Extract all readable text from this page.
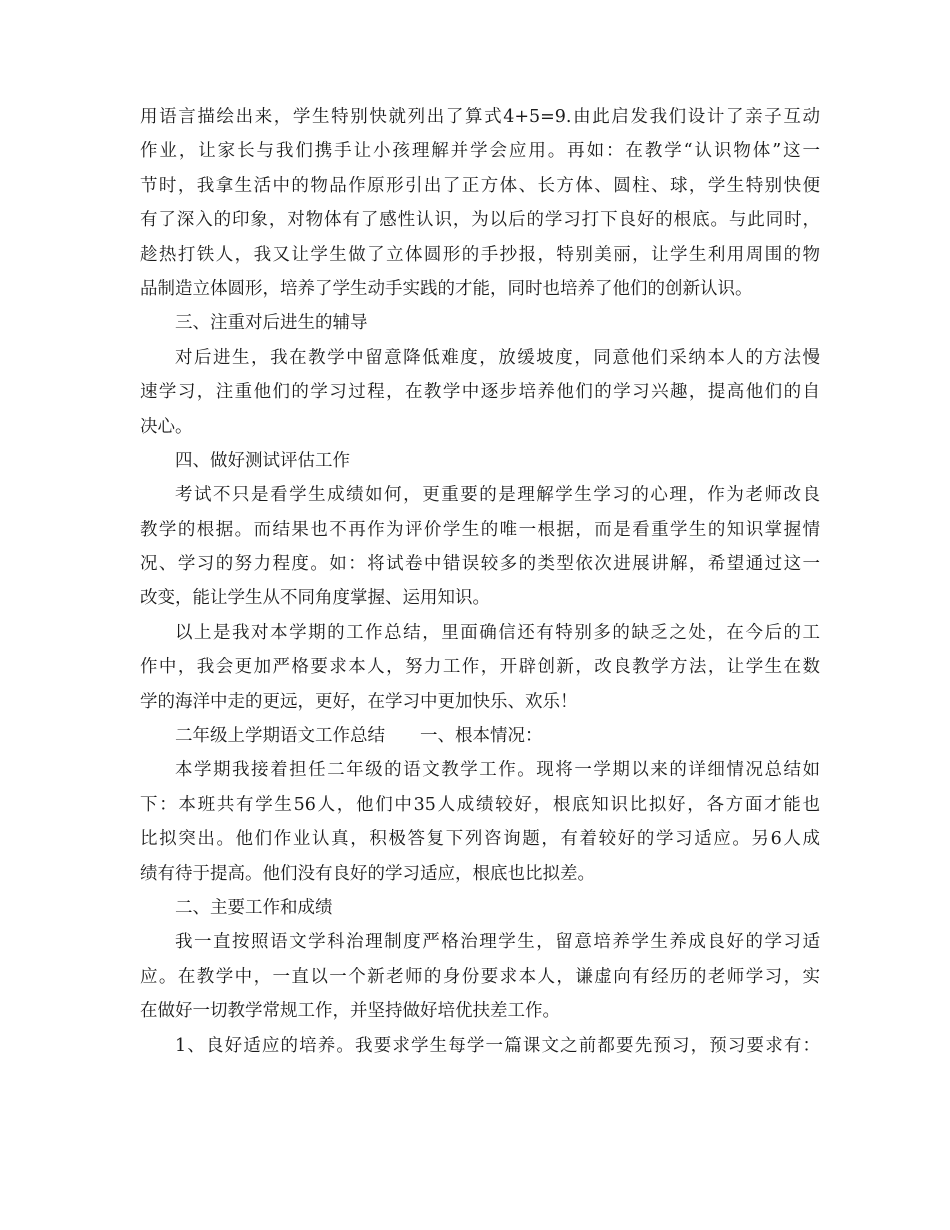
用语言描绘出来，学生特别快就列出了算式4+5=9.由此启发我们设计了亲子互动
作业，让家长与我们携手让小孩理解并学会应用。再如：在教学“认识物体”这一
节时，我拿生活中的物品作原形引出了正方体、长方体、圆柱、球，学生特别快便
有了深入的印象，对物体有了感性认识，为以后的学习打下良好的根底。与此同时，
趁热打铁人，我又让学生做了立体圆形的手抄报，特别美丽，让学生利用周围的物
品制造立体圆形，培养了学生动手实践的才能，同时也培养了他们的创新认识。
三、注重对后进生的辅导
对后进生，我在教学中留意降低难度，放缓坡度，同意他们采纳本人的方法慢
速学习，注重他们的学习过程，在教学中逐步培养他们的学习兴趣，提高他们的自
决心。
四、做好测试评估工作
考试不只是看学生成绩如何，更重要的是理解学生学习的心理，作为老师改良
教学的根据。而结果也不再作为评价学生的唯一根据，而是看重学生的知识掌握情
况、学习的努力程度。如：将试卷中错误较多的类型依次进展讲解，希望通过这一
改变，能让学生从不同角度掌握、运用知识。
以上是我对本学期的工作总结，里面确信还有特别多的缺乏之处，在今后的工
作中，我会更加严格要求本人，努力工作，开辟创新，改良教学方法，让学生在数
学的海洋中走的更远，更好，在学习中更加快乐、欢乐！
二年级上学期语文工作总结　　一、根本情况：
本学期我接着担任二年级的语文教学工作。现将一学期以来的详细情况总结如
下：本班共有学生56人，他们中35人成绩较好，根底知识比拟好，各方面才能也
比拟突出。他们作业认真，积极答复下列咨询题，有着较好的学习适应。另6人成
绩有待于提高。他们没有良好的学习适应，根底也比拟差。
二、主要工作和成绩
我一直按照语文学科治理制度严格治理学生，留意培养学生养成良好的学习适
应。在教学中，一直以一个新老师的身份要求本人，谦虚向有经历的老师学习，实
在做好一切教学常规工作，并坚持做好培优扶差工作。
1、良好适应的培养。我要求学生每学一篇课文之前都要先预习，预习要求有：
